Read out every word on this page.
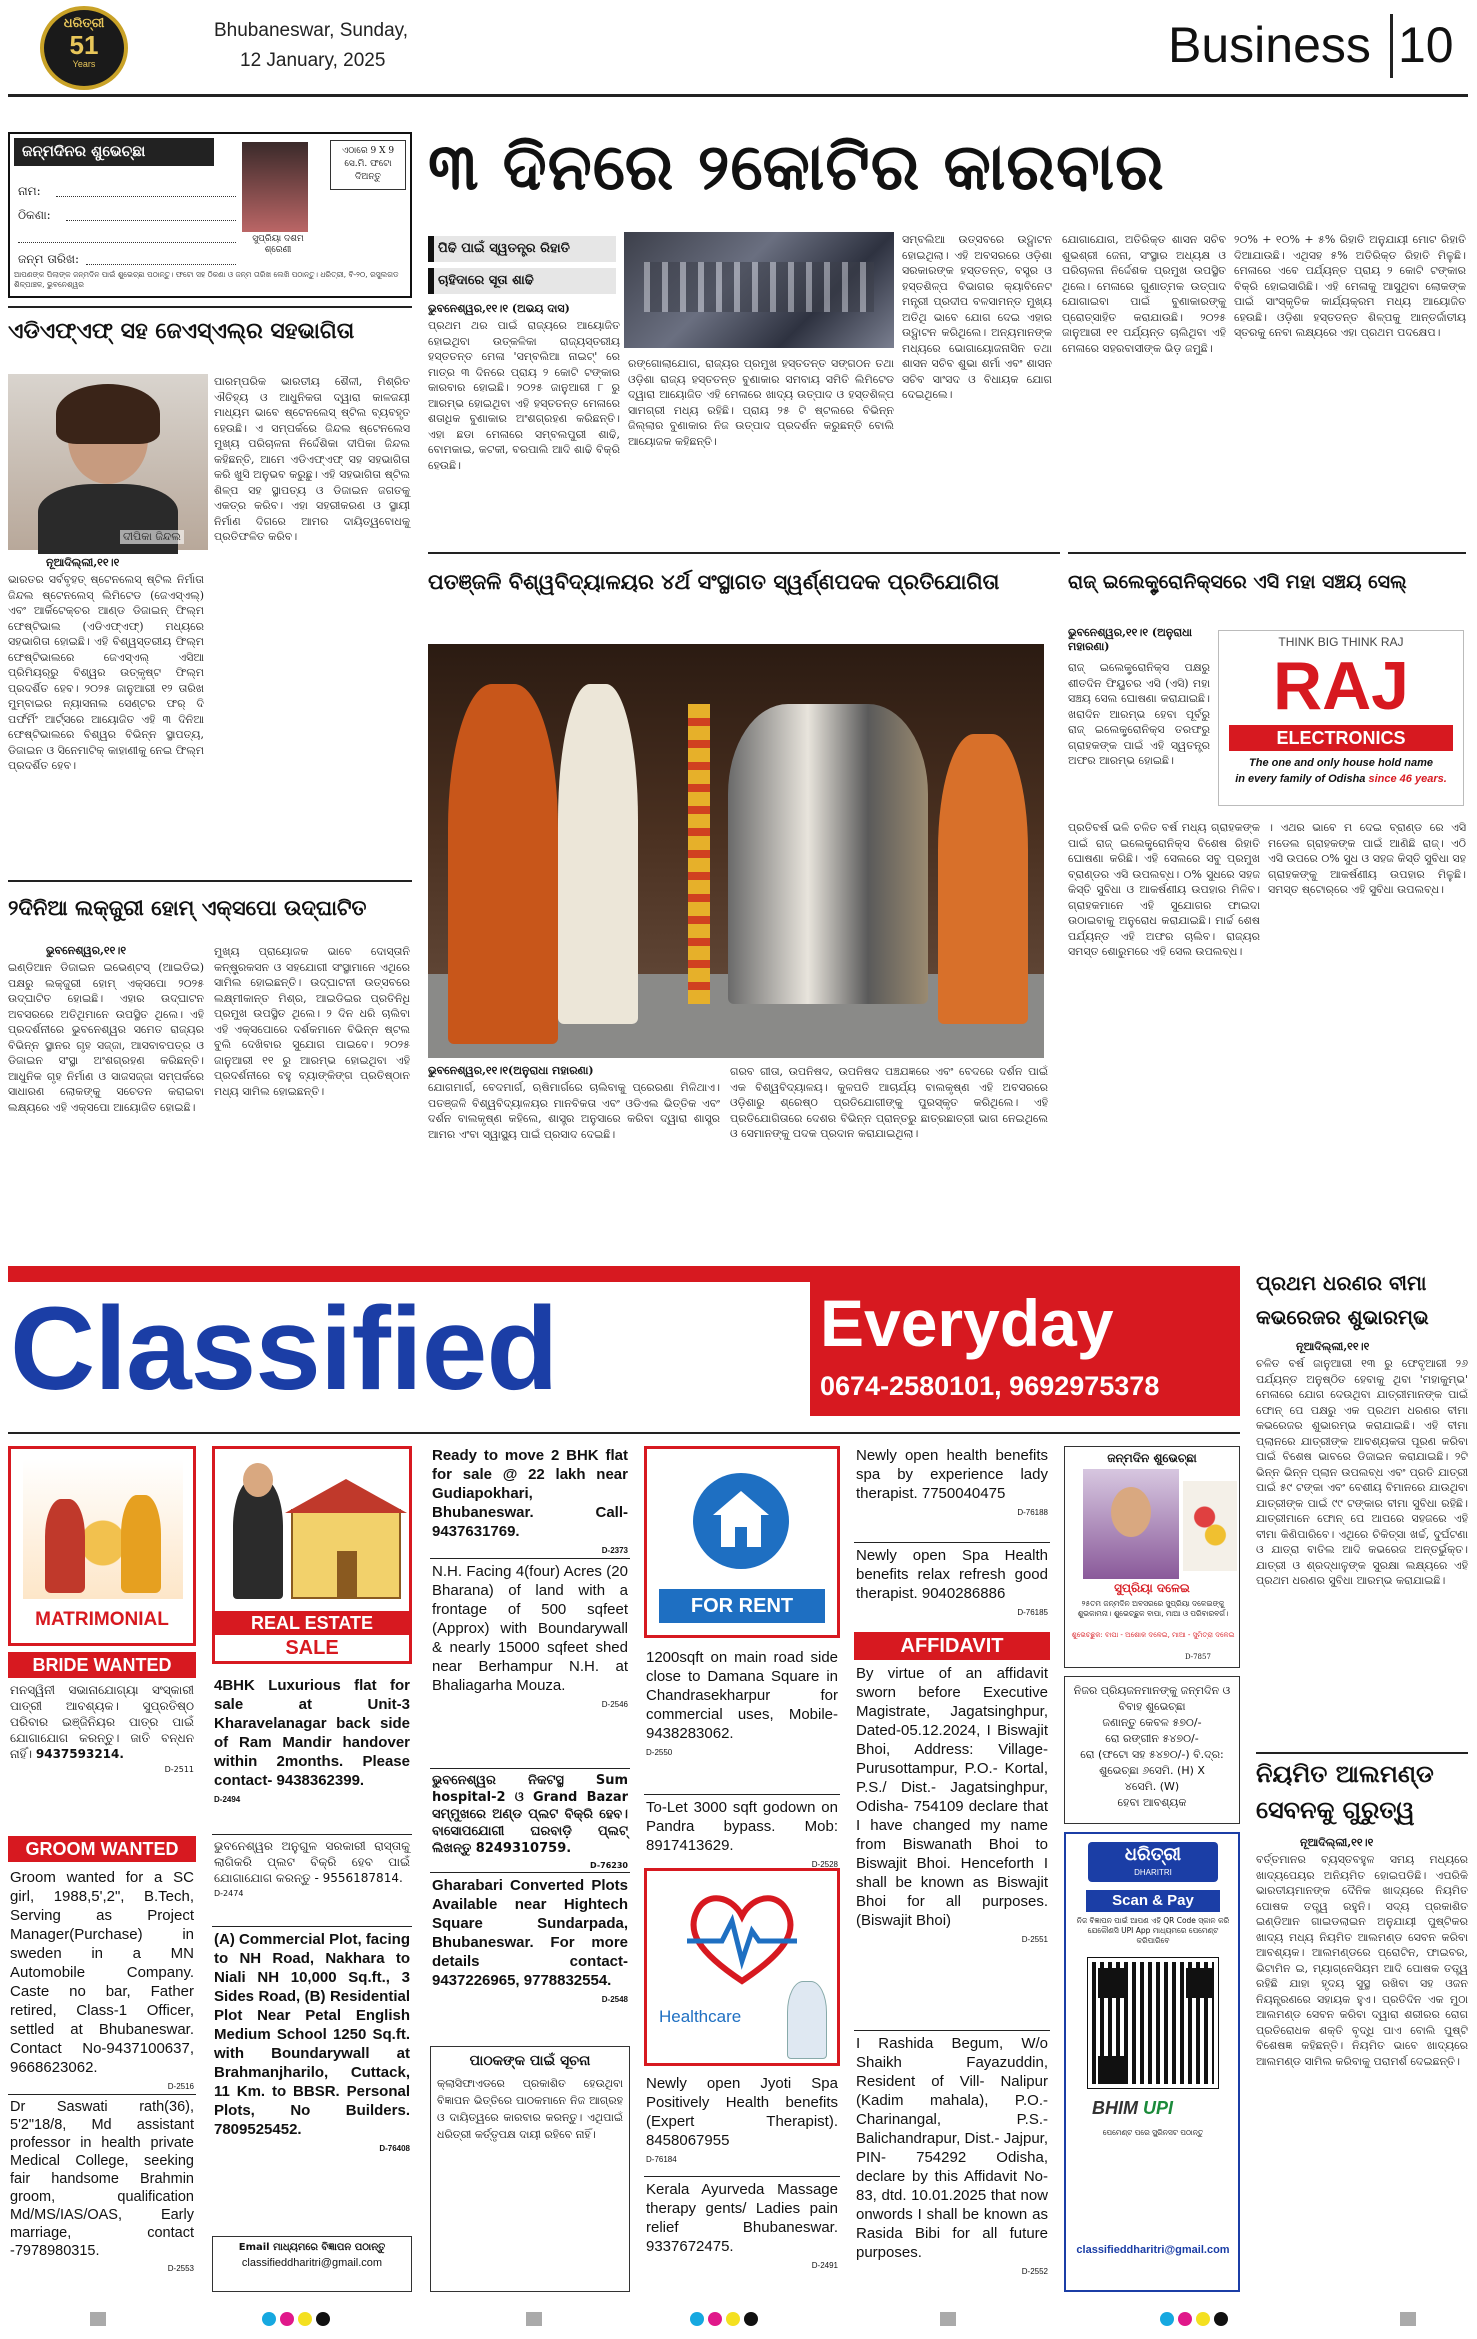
ଧରିତ୍ରୀ
51
Years
Bhubaneswar, Sunday,
12 January, 2025	Business 10
ଜନ୍ମଦିନର ଶୁଭେଚ୍ଛା
ନାମ:
ଠିକଣା:
ଜନ୍ମ ତାରିଖ:
ସୁପ୍ରିୟା ଦଶମ ଶ୍ରେଣୀ
ଏଠାରେ 9 X 9 ସେ.ମି. ଫଟୋ ଦିଅନ୍ତୁ
ଆପଣଙ୍କ ପିଲାଙ୍କ ଜନ୍ମଦିନ ପାଇଁ ଶୁଭେଚ୍ଛା ପଠାନ୍ତୁ। ଫଟୋ ସହ ଠିକଣା ଓ ଜନ୍ମ ତାରିଖ ଲେଖି ପଠାନ୍ତୁ। ଧରିତ୍ରୀ, ବି-୨୦, ରସୁଲଗଡ ଶିଳ୍ପାଞ୍ଚଳ, ଭୁବନେଶ୍ୱର
୩ ଦିନରେ ୨କୋଟିର କାରବାର
ପିଢି ପାଇଁ ସ୍ୱତନ୍ତ୍ର ରିହାତି
ଚାହିଦାରେ ସୂତା ଶାଢି
ଭୁବନେଶ୍ୱର,୧୧।୧ (ଅଭୟ ଦାସ)
ପ୍ରଥମ ଥର ପାଇଁ ରାଜ୍ୟରେ ଆୟୋଜିତ ହୋଇଥିବା ଉତ୍କଳିକା ରାଜ୍ୟସ୍ତରୀୟ ହସ୍ତତନ୍ତ ମେଳା 'ସମ୍ବଲିଆ ନାଇଟ୍' ରେ ମାତ୍ର ୩ ଦିନରେ ପ୍ରାୟ ୨ କୋଟି ଟଙ୍କାର କାରବାର ହୋଇଛି। ୨୦୨୫ ଜାନୁଆରୀ ୮ ରୁ ଆରମ୍ଭ ହୋଇଥିବା ଏହି ହସ୍ତତନ୍ତ ମେଳାରେ ଶତାଧିକ ବୁଣାକାର ଅଂଶଗ୍ରହଣ କରିଛନ୍ତି। ଏହା ଛଡା ମେଳାରେ ସମ୍ବଲପୁରୀ ଶାଢି, ବୋମକାଇ, କଟକୀ, ବରପାଲି ଆଦି ଶାଢି ବିକ୍ରି ହେଉଛି।
ରଙ୍ଗୋଲାଯୋଗ, ରାଜ୍ୟର ପ୍ରମୁଖ ହସ୍ତତନ୍ତ ସଙ୍ଗଠନ ତଥା ଓଡ଼ିଶା ରାଜ୍ୟ ହସ୍ତତନ୍ତ ବୁଣାକାର ସମବାୟ ସମିତି ଲିମିଟେଡ ଦ୍ୱାରା ଆୟୋଜିତ ଏହି ମେଳାରେ ଖାଦ୍ୟ ଉତ୍ପାଦ ଓ ହସ୍ତଶିଳ୍ପ ସାମଗ୍ରୀ ମଧ୍ୟ ରହିଛି। ପ୍ରାୟ ୨୫ ଟି ଷ୍ଟଲରେ ବିଭିନ୍ନ ଜିଲ୍ଲାର ବୁଣାକାର ନିଜ ଉତ୍ପାଦ ପ୍ରଦର୍ଶନ କରୁଛନ୍ତି ବୋଲି ଆୟୋଜକ କହିଛନ୍ତି।
ସମ୍ବଲିଆ ଉତ୍ସବରେ ଉଦ୍ଘାଟନ ହୋଇଥିଲା। ଏହି ଅବସରରେ ଓଡ଼ିଶା ସରକାରଙ୍କ ହସ୍ତତନ୍ତ, ବସ୍ତ୍ର ଓ ହସ୍ତଶିଳ୍ପ ବିଭାଗର କ୍ୟାବିନେଟ ମନ୍ତ୍ରୀ ପ୍ରଦୀପ ବଳସାମନ୍ତ ମୁଖ୍ୟ ଅତିଥି ଭାବେ ଯୋଗ ଦେଇ ଏହାର ଉଦ୍ଘାଟନ କରିଥିଲେ। ଅନ୍ୟମାନଙ୍କ ମଧ୍ୟରେ ଭୋଗାୟୋଜନାସିନ ତଥା ଶାସନ ସଚିବ ଶୁଭା ଶର୍ମା ଏବଂ ଶାସନ ସଚିବ ସାଂସଦ ଓ ବିଧାୟକ ଯୋଗ ଦେଇଥିଲେ।
ଯୋଗାଯୋଗ, ଅତିରିକ୍ତ ଶାସନ ସଚିବ ଶୁଭଶ୍ରୀ ଜେନା, ସଂସ୍ଥାର ଅଧ୍ୟକ୍ଷ ଓ ପରିଚାଳନା ନିର୍ଦ୍ଦେଶକ ପ୍ରମୁଖ ଉପସ୍ଥିତ ଥିଲେ। ମେଳାରେ ଗୁଣାତ୍ମକ ଉତ୍ପାଦ ଯୋଗାଇବା ପାଇଁ ବୁଣାକାରଙ୍କୁ ପ୍ରୋତ୍ସାହିତ କରାଯାଉଛି। ୨୦୨୫ ଜାନୁଆରୀ ୧୧ ପର୍ଯ୍ୟନ୍ତ ଚାଲିଥିବା ଏହି ମେଳାରେ ସହରବାସୀଙ୍କ ଭିଡ଼ ଜମୁଛି।
୨୦% + ୧୦% + ୫% ରିହାତି ଅନୁଯାୟୀ ମୋଟ ରିହାତି ଦିଆଯାଉଛି। ଏଥିସହ ୫% ଅତିରିକ୍ତ ରିହାତି ମିଳୁଛି। ମେଳାରେ ଏବେ ପର୍ଯ୍ୟନ୍ତ ପ୍ରାୟ ୨ କୋଟି ଟଙ୍କାର ବିକ୍ରି ହୋଇସାରିଛି। ଏହି ମେଳାକୁ ଆସୁଥିବା ଲୋକଙ୍କ ପାଇଁ ସାଂସ୍କୃତିକ କାର୍ଯ୍ୟକ୍ରମ ମଧ୍ୟ ଆୟୋଜିତ ହେଉଛି। ଓଡ଼ିଶା ହସ୍ତତନ୍ତ ଶିଳ୍ପକୁ ଆନ୍ତର୍ଜାତୀୟ ସ୍ତରକୁ ନେବା ଲକ୍ଷ୍ୟରେ ଏହା ପ୍ରଥମ ପଦକ୍ଷେପ।
ଏଡିଏଫ୍‌ଏଫ୍ ସହ ଜେଏସ୍‌ଏଲ୍‌ର ସହଭାଗିତା
ଦୀପିକା ଜିନ୍ଦଲ
ନୂଆଦିଲ୍ଲୀ,୧୧।୧
ଭାରତର ସର୍ବବୃହତ୍ ଷ୍ଟେନଲେସ୍ ଷ୍ଟିଲ ନିର୍ମାତା ଜିନ୍ଦଲ ଷ୍ଟେନଲେସ୍ ଲିମିଟେଡ (ଜେଏସ୍‌ଏଲ୍) ଏବଂ ଆର୍କିଟେକ୍ଚର ଆଣ୍ଡ ଡିଜାଇନ୍ ଫିଲ୍ମ ଫେଷ୍ଟିଭାଲ (ଏଡିଏଫ୍‌ଏଫ୍) ମଧ୍ୟରେ ସହଭାଗିତା ହୋଇଛି। ଏହି ବିଶ୍ୱସ୍ତରୀୟ ଫିଲ୍ମ ଫେଷ୍ଟିଭାଲରେ ଜେଏସ୍‌ଏଲ୍ ଏସିଆ ପ୍ରିମିୟର୍‌ରୁ ବିଶ୍ୱର ଉତ୍କୃଷ୍ଟ ଫିଲ୍ମ ପ୍ରଦର୍ଶିତ ହେବ। ୨୦୨୫ ଜାନୁଆରୀ ୧୨ ତାରିଖ ମୁମ୍ବାଇର ନ୍ୟାସନାଲ ସେଣ୍ଟର ଫର୍ ଦି ପର୍ଫର୍ମିଂ ଆର୍ଟ୍‌ସରେ ଆୟୋଜିତ ଏହି ୩ ଦିନିଆ ଫେଷ୍ଟିଭାଲରେ ବିଶ୍ୱର ବିଭିନ୍ନ ସ୍ଥାପତ୍ୟ, ଡିଜାଇନ ଓ ସିନେମାଟିକ୍ କାହାଣୀକୁ ନେଇ ଫିଲ୍ମ ପ୍ରଦର୍ଶିତ ହେବ।
ପାରମ୍ପରିକ ଭାରତୀୟ ଶୈଳୀ, ମିଶ୍ରିତ ଐତିହ୍ୟ ଓ ଆଧୁନିକତା ଦ୍ୱାରା କାଳଜୟୀ ମାଧ୍ୟମ ଭାବେ ଷ୍ଟେନଲେସ୍ ଷ୍ଟିଲ ବ୍ୟବହୃତ ହେଉଛି। ଏ ସମ୍ପର୍କରେ ଜିନ୍ଦଲ ଷ୍ଟେନଲେସ ମୁଖ୍ୟ ପରିଚାଳନା ନିର୍ଦ୍ଦେଶିକା ଦୀପିକା ଜିନ୍ଦଲ କହିଛନ୍ତି, ଆମେ ଏଡିଏଫ୍‌ଏଫ୍ ସହ ସହଭାଗିତା କରି ଖୁସି ଅନୁଭବ କରୁଛୁ। ଏହି ସହଭାଗିତା ଷ୍ଟିଲ ଶିଳ୍ପ ସହ ସ୍ଥାପତ୍ୟ ଓ ଡିଜାଇନ ଜଗତକୁ ଏକତ୍ର କରିବ। ଏହା ସହରୀକରଣ ଓ ସ୍ଥାୟୀ ନିର୍ମାଣ ଦିଗରେ ଆମର ଦାୟିତ୍ୱବୋଧକୁ ପ୍ରତିଫଳିତ କରିବ।
୨ଦିନିଆ ଲକ୍ଜୁରୀ ହୋମ୍ ଏକ୍ସପୋ ଉଦ୍‌ଘାଟିତ
ଭୁବନେଶ୍ୱର,୧୧।୧
ଇଣ୍ଡିଆନ ଡିଜାଇନ ଇଭେଣ୍ଟସ୍ (ଆଇଡିଇ) ପକ୍ଷରୁ ଲକ୍ଜୁରୀ ହୋମ୍ ଏକ୍ସପୋ ୨୦୨୫ ଉଦ୍‌ଘାଟିତ ହୋଇଛି। ଏହାର ଉଦ୍‌ଘାଟନ ଅବସରରେ ଅତିଥିମାନେ ଉପସ୍ଥିତ ଥିଲେ। ଏହି ପ୍ରଦର୍ଶନୀରେ ଭୁବନେଶ୍ୱର ସମେତ ରାଜ୍ୟର ବିଭିନ୍ନ ସ୍ଥାନର ଗୃହ ସଜ୍ଜା, ଆସବାବପତ୍ର ଓ ଡିଜାଇନ ସଂସ୍ଥା ଅଂଶଗ୍ରହଣ କରିଛନ୍ତି। ଆଧୁନିକ ଗୃହ ନିର୍ମାଣ ଓ ସାଜସଜ୍ଜା ସମ୍ପର୍କରେ ସାଧାରଣ ଲୋକଙ୍କୁ ସଚେତନ କରାଇବା ଲକ୍ଷ୍ୟରେ ଏହି ଏକ୍ସପୋ ଆୟୋଜିତ ହୋଇଛି।
ମୁଖ୍ୟ ପ୍ରାୟୋଜକ ଭାବେ ଦୋସ୍ତାନି କନ୍‌ଷ୍ଟ୍ରକସନ ଓ ସହଯୋଗୀ ସଂସ୍ଥାମାନେ ଏଥିରେ ସାମିଲ ହୋଇଛନ୍ତି। ଉଦ୍‌ଘାଟନୀ ଉତ୍ସବରେ ଲକ୍ଷ୍ମୀକାନ୍ତ ମିଶ୍ର, ଆଇଡିଇର ପ୍ରତିନିଧି ପ୍ରମୁଖ ଉପସ୍ଥିତ ଥିଲେ। ୨ ଦିନ ଧରି ଚାଲିବା ଏହି ଏକ୍ସପୋରେ ଦର୍ଶକମାନେ ବିଭିନ୍ନ ଷ୍ଟଲ ବୁଲି ଦେଖିବାର ସୁଯୋଗ ପାଇବେ। ୨୦୨୫ ଜାନୁଆରୀ ୧୧ ରୁ ଆରମ୍ଭ ହୋଇଥିବା ଏହି ପ୍ରଦର୍ଶନୀରେ ବହୁ ବ୍ୟାଙ୍କିଙ୍ଗ ପ୍ରତିଷ୍ଠାନ ମଧ୍ୟ ସାମିଲ ହୋଇଛନ୍ତି।
ପତଞ୍ଜଳି ବିଶ୍ୱବିଦ୍ୟାଳୟର ୪ର୍ଥ ସଂସ୍ଥାଗତ ସ୍ୱର୍ଣ୍ଣପଦକ ପ୍ରତିଯୋଗିତା
ଭୁବନେଶ୍ୱର,୧୧।୧(ଅନୁରାଧା ମହାରଣା)
ଯୋଗମାର୍ଗ, ବେଦମାର୍ଗ, ଋଷିମାର୍ଗରେ ଚାଲିବାକୁ ପ୍ରେରଣା ମିଳିଥାଏ। ପତଞ୍ଜଳି ବିଶ୍ୱବିଦ୍ୟାଳୟର ମାନବିକତା ଏବଂ ଓଡିଏଲ ଭିତ୍ତିକ ଏବଂ ଦର୍ଶନ ବାଲକୃଷ୍ଣ କହିଲେ, ଶାସ୍ତ୍ର ଅନୁସାରେ କରିବା ଦ୍ୱାରା ଶାସ୍ତ୍ର ଆମର ଏଂବା ସ୍ୱାସ୍ଥ୍ୟ ପାଇଁ ପ୍ରସାଦ ଦେଇଛି।
ଗରବ ଗୀତା, ଉପନିଷଦ, ଉପନିଷଦ ପଞ୍ଚଯଜ୍ଞରେ ଏବଂ ବେଦରେ ଦର୍ଶନ ପାଇଁ ଏକ ବିଶ୍ୱବିଦ୍ୟାଳୟ। କୁଳପତି ଆଚାର୍ଯ୍ୟ ବାଲକୃଷ୍ଣ ଏହି ଅବସରରେ ଓଡ଼ିଶାରୁ ଶ୍ରେଷ୍ଠ ପ୍ରତିଯୋଗୀଙ୍କୁ ପୁରସ୍କୃତ କରିଥିଲେ। ଏହି ପ୍ରତିଯୋଗିତାରେ ଦେଶର ବିଭିନ୍ନ ପ୍ରାନ୍ତରୁ ଛାତ୍ରଛାତ୍ରୀ ଭାଗ ନେଇଥିଲେ ଓ ସେମାନଙ୍କୁ ପଦକ ପ୍ରଦାନ କରାଯାଇଥିଲା।
ରାଜ୍ ଇଲେକ୍ଟ୍ରୋନିକ୍ସରେ ଏସି ମହା ସଞ୍ଚୟ ସେଲ୍
ଭୁବନେଶ୍ୱର,୧୧।୧ (ଅନୁରାଧା ମହାରଣା)
ରାଜ୍ ଇଲେକ୍ଟ୍ରୋନିକ୍ସ ପକ୍ଷରୁ ଶୀତଦିନ ଫିୟୁଚର ଏସି (ଏସି) ମହା ସଞ୍ଚୟ ସେଲ ଘୋଷଣା କରାଯାଇଛି। ଖରାଦିନ ଆରମ୍ଭ ହେବା ପୂର୍ବରୁ ରାଜ୍ ଇଲେକ୍ଟ୍ରୋନିକ୍ସ ତରଫରୁ ଗ୍ରାହକଙ୍କ ପାଇଁ ଏହି ସ୍ୱତନ୍ତ୍ର ଅଫର ଆରମ୍ଭ ହୋଇଛି।
THINK BIG THINK RAJ
RAJ
ELECTRONICS
The one and only house hold name
in every family of Odisha since 46 years.
ପ୍ରତିବର୍ଷ ଭଳି ଚଳିତ ବର୍ଷ ମଧ୍ୟ ଗ୍ରାହକଙ୍କ ପାଇଁ ରାଜ୍ ଇଲେକ୍ଟ୍ରୋନିକ୍ସ ବିଶେଷ ରିହାତି ଘୋଷଣା କରିଛି। ଏହି ସେଲରେ ସବୁ ପ୍ରମୁଖ ବ୍ରାଣ୍ଡର ଏସି ଉପଲବ୍ଧ। ୦% ସୁଧରେ ସହଜ କିସ୍ତି ସୁବିଧା ଓ ଆକର୍ଷଣୀୟ ଉପହାର ମିଳିବ। ଗ୍ରାହକମାନେ ଏହି ସୁଯୋଗର ଫାଇଦା ଉଠାଇବାକୁ ଅନୁରୋଧ କରାଯାଇଛି। ମାର୍ଚ୍ଚ ଶେଷ ପର୍ଯ୍ୟନ୍ତ ଏହି ଅଫର ଚାଲିବ। ରାଜ୍ୟର ସମସ୍ତ ଶୋରୁମରେ ଏହି ସେଲ ଉପଲବ୍ଧ।
। ଏଥର ଭାବେ ମ ଦେଇ ବ୍ରାଣ୍ଡ ରେ ଏସି ମଡେଲ ଗ୍ରାହକଙ୍କ ପାଇଁ ଆଣିଛି ରାଜ୍। ଏଠି ଏସି ଉପରେ ୦% ସୁଧ ଓ ସହଜ କିସ୍ତି ସୁବିଧା ସହ ଗ୍ରାହକଙ୍କୁ ଆକର୍ଷଣୀୟ ଉପହାର ମିଳୁଛି। ସମସ୍ତ ଷ୍ଟୋର୍‌ରେ ଏହି ସୁବିଧା ଉପଲବ୍ଧ।
Classified	Everyday
0674-2580101, 9692975378
ପ୍ରଥମ ଧରଣର ବୀମା କଭରେଜର ଶୁଭାରମ୍ଭ
ନୂଆଦିଲ୍ଲୀ,୧୧।୧
ଚଳିତ ବର୍ଷ ଜାନୁଆରୀ ୧୩ ରୁ ଫେବୃଆରୀ ୨୬ ପର୍ଯ୍ୟନ୍ତ ଅନୁଷ୍ଠିତ ହେବାକୁ ଥିବା 'ମହାକୁମ୍ଭ' ମେଳାରେ ଯୋଗ ଦେଉଥିବା ଯାତ୍ରୀମାନଙ୍କ ପାଇଁ ଫୋନ୍ ପେ ପକ୍ଷରୁ ଏକ ପ୍ରଥମ ଧରଣର ବୀମା କଭରେଜର ଶୁଭାରମ୍ଭ କରାଯାଇଛି। ଏହି ବୀମା ପ୍ଲାନରେ ଯାତ୍ରୀଙ୍କ ଆବଶ୍ୟକତା ପୂରଣ କରିବା ପାଇଁ ବିଶେଷ ଭାବରେ ଡିଜାଇନ କରାଯାଇଛି। ୨ଟି ଭିନ୍ନ ଭିନ୍ନ ପ୍ଲାନ ଉପଲବ୍ଧ ଏବଂ ପ୍ରତି ଯାତ୍ରୀ ପାଇଁ ୫୯ ଟଙ୍କା ଏବଂ ବେଶୀୟ ବିମାନରେ ଯାଉଥିବା ଯାତ୍ରୀଙ୍କ ପାଇଁ ୯୯ ଟଙ୍କାର ବୀମା ସୁବିଧା ରହିଛି। ଯାତ୍ରୀମାନେ ଫୋନ୍ ପେ ଆପରେ ସହଜରେ ଏହି ବୀମା କିଣିପାରିବେ। ଏଥିରେ ଚିକିତ୍ସା ଖର୍ଚ୍ଚ, ଦୁର୍ଘଟଣା ଓ ଯାତ୍ରା ବାତିଲ ଆଦି କଭରେଜ ଅନ୍ତର୍ଭୁକ୍ତ। ଯାତ୍ରୀ ଓ ଶ୍ରଦ୍ଧାଳୁଙ୍କ ସୁରକ୍ଷା ଲକ୍ଷ୍ୟରେ ଏହି ପ୍ରଥମ ଧରଣର ସୁବିଧା ଆରମ୍ଭ କରାଯାଇଛି।
ନିୟମିତ ଆଲମଣ୍ଡ ସେବନକୁ ଗୁରୁତ୍ୱ
ନୂଆଦିଲ୍ଲୀ,୧୧।୧
ବର୍ତ୍ତମାନର ବ୍ୟସ୍ତବହୁଳ ସମୟ ମଧ୍ୟରେ ଖାଦ୍ୟପେୟର ଅନିୟମିତ ହୋଇପଡିଛି। ଏପରିକି ଭାରତୀୟମାନଙ୍କ ଦୈନିକ ଖାଦ୍ୟରେ ନିୟମିତ ପୋଷକ ତତ୍ତ୍ୱ ରହୁନି। ସଦ୍ୟ ପ୍ରକାଶିତ ଇଣ୍ଡିଆନ ଗାଇଡଲାଇନ ଅନୁଯାୟୀ ପୁଷ୍ଟିକର ଖାଦ୍ୟ ମଧ୍ୟ ନିୟମିତ ଆଲମଣ୍ଡ ସେବନ କରିବା ଆବଶ୍ୟକ। ଆଲମଣ୍ଡରେ ପ୍ରୋଟିନ, ଫାଇବର, ଭିଟାମିନ ଇ, ମ୍ୟାଗ୍ନେସିୟମ ଆଦି ପୋଷକ ତତ୍ତ୍ୱ ରହିଛି ଯାହା ହୃଦୟ ସୁସ୍ଥ ରଖିବା ସହ ଓଜନ ନିୟନ୍ତ୍ରଣରେ ସହାୟକ ହୁଏ। ପ୍ରତିଦିନ ଏକ ମୁଠା ଆଲମଣ୍ଡ ସେବନ କରିବା ଦ୍ୱାରା ଶରୀରର ରୋଗ ପ୍ରତିରୋଧକ ଶକ୍ତି ବୃଦ୍ଧି ପାଏ ବୋଲି ପୁଷ୍ଟି ବିଶେଷଜ୍ଞ କହିଛନ୍ତି। ନିୟମିତ ଭାବେ ଖାଦ୍ୟରେ ଆଲମଣ୍ଡ ସାମିଲ କରିବାକୁ ପରାମର୍ଶ ଦେଇଛନ୍ତି।
MATRIMONIAL
BRIDE WANTED
ମନସ୍ୱିନୀ ସଭାନାଯୋଗ୍ୟା ସଂସ୍କାରୀ ପାତ୍ରୀ ଆବଶ୍ୟକ। ସୁପ୍ରତିଷ୍ଠ ପରିବାର ଇଞ୍ଜିନିୟର ପାତ୍ର ପାଇଁ ଯୋଗାଯୋଗ କରନ୍ତୁ। ଜାତି ବନ୍ଧନ ନାହିଁ। 9437593214.
D-2511
GROOM WANTED
Groom wanted for a SC girl, 1988,5',2", B.Tech, Serving as Project Manager(Purchase) in sweden in a MN Automobile Company. Caste no bar, Father retired, Class-1 Officer, settled at Bhubaneswar. Contact No-9437100637, 9668623062.
D-2516
Dr Saswati rath(36), 5'2"18/8, Md assistant professor in health private Medical College, seeking fair handsome Brahmin groom, qualification Md/MS/IAS/OAS, Early marriage, contact -7978980315.
D-2553
REAL ESTATE
SALE
4BHK Luxurious flat for sale at Unit-3 Kharavelanagar back side of Ram Mandir handover within 2months. Please contact- 9438362399.
D-2494
ଭୁବନେଶ୍ୱର ଅନୁଗୁଳ ସରକାରୀ ରାସ୍ତାକୁ ଲାଗିକରି ପ୍ଲଟ ବିକ୍ରି ହେବ ପାଇଁ ଯୋଗାଯୋଗ କରନ୍ତୁ - 9556187814.
D-2474
(A) Commercial Plot, facing to NH Road, Nakhara to Niali NH 10,000 Sq.ft., 3 Sides Road, (B) Residential Plot Near Petal English Medium School 1250 Sq.ft. with Boundarywall at Brahmanjharilo, Cuttack, 11 Km. to BBSR. Personal Plots, No Builders. 7809525452.
D-76408
Email ମାଧ୍ୟମରେ ବିଜ୍ଞାପନ ପଠାନ୍ତୁ
classifieddharitri@gmail.com
Ready to move 2 BHK flat for sale @ 22 lakh near Gudiapokhari, Bhubaneswar. Call-9437631769.
D-2373
N.H. Facing 4(four) Acres (20 Bharana) of land with a frontage of 500 sqfeet (Approx) with Boundarywall & nearly 15000 sqfeet shed near Berhampur N.H. at Bhaliagarha Mouza.
D-2546
ଭୁବନେଶ୍ୱର ନିକଟସ୍ଥ Sum hospital-2 ଓ Grand Bazar ସମ୍ମୁଖରେ ଅଣ୍ଡ ପ୍ଲଟ ବିକ୍ରି ହେବ। ବାସୋପଯୋଗୀ ଘରବାଡ଼ି ପ୍ଲଟ୍ ଲିଖନ୍ତୁ 8249310759.
D-76230
Gharabari Converted Plots Available near Hightech Square Sundarpada, Bhubaneswar. For more details contact- 9437226965, 9778832554.
D-2548
ପାଠକଙ୍କ ପାଇଁ ସୂଚନା
କ୍ଲାସିଫାଏଡରେ ପ୍ରକାଶିତ ହେଉଥିବା ବିଜ୍ଞାପନ ଭିତ୍ତିରେ ପାଠକମାନେ ନିଜ ଆଗ୍ରହ ଓ ଦାୟିତ୍ୱରେ କାରବାର କରନ୍ତୁ। ଏଥିପାଇଁ ଧରିତ୍ରୀ କର୍ତ୍ତୃପକ୍ଷ ଦାୟୀ ରହିବେ ନାହିଁ।
FOR RENT
1200sqft on main road side close to Damana Square in Chandrasekharpur for commercial uses, Mobile-9438283062.
D-2550
To-Let 3000 sqft godown on Pandra bypass. Mob: 8917413629.
D-2528
Healthcare
Newly open Jyoti Spa Positively Health benefits (Expert Therapist). 8458067955
D-76184
Kerala Ayurveda Massage therapy gents/ Ladies pain relief Bhubaneswar. 9337672475.
D-2491
Newly open health benefits spa by experience lady therapist. 7750040475
D-76188
Newly open Spa Health benefits relax refresh good therapist. 9040286886
D-76185
AFFIDAVIT
By virtue of an affidavit sworn before Executive Magistrate, Jagatsinghpur, Dated-05.12.2024, I Biswajit Bhoi, Address: Village-Purusottampur, P.O.- Kortal, P.S./ Dist.- Jagatsinghpur, Odisha- 754109 declare that I have changed my name from Biswanath Bhoi to Biswajit Bhoi. Henceforth I shall be known as Biswajit Bhoi for all purposes. (Biswajit Bhoi)
D-2551
I Rashida Begum, W/o Shaikh Fayazuddin, Resident of Vill- Nalipur (Kadim mahala), P.O.- Charinangal, P.S.- Balichandrapur, Dist.- Jajpur, PIN- 754292 Odisha, declare by this Affidavit No- 83, dtd. 10.01.2025 that now onwords I shall be known as Rasida Bibi for all future purposes.
D-2552
ଜନ୍ମଦିନ ଶୁଭେଚ୍ଛା
ସୁପ୍ରିୟା ଦଳେଇ
୨୫ତମ ଜନ୍ମଦିନ ଅବସରରେ ସୁପ୍ରିୟା ଦଳେଇଙ୍କୁ ଶୁଭକାମନା। ଶୁଭେଚ୍ଛୁକ ବାପା, ମାଆ ଓ ପରିବାରବର୍ଗ।
ଶୁଭେଚ୍ଛୁକ: ବାପା - ଅଶୋକ ଦଳେଇ, ମାଆ - ସୁମିତ୍ରା ଦଳେଇ
D-7857
ନିଜର ପ୍ରିୟଜନମାନଙ୍କୁ ଜନ୍ମଦିନ ଓ ବିବାହ ଶୁଭେଚ୍ଛା
ଜଣାନ୍ତୁ କେବଳ ୫୭୦/-
ରୋ ରଙ୍ଗୀନ ୫୪୭୦/-
ରୋ (ଫଟୋ ସହ ୫୪୭୦/-) ବି.ଦ୍ର:
ଶୁଭେଚ୍ଛା ୬ସେମି. (H) X
୪ସେମି. (W)
ହେବା ଆବଶ୍ୟକ
ଧରିତ୍ରୀ
DHARITRI
Scan & Pay
ନିଜ ବିଜ୍ଞାପନ ପାଇଁ ଆପଣ ଏହି QR Code ସ୍କାନ କରି ଯେକୌଣସି UPI App ମାଧ୍ୟମରେ ପେମେଣ୍ଟ କରିପାରିବେ
BHIM UPI
ପେମେଣ୍ଟ ପରେ ସ୍କ୍ରିନସଟ ପଠାନ୍ତୁ
classifieddharitri@gmail.com
